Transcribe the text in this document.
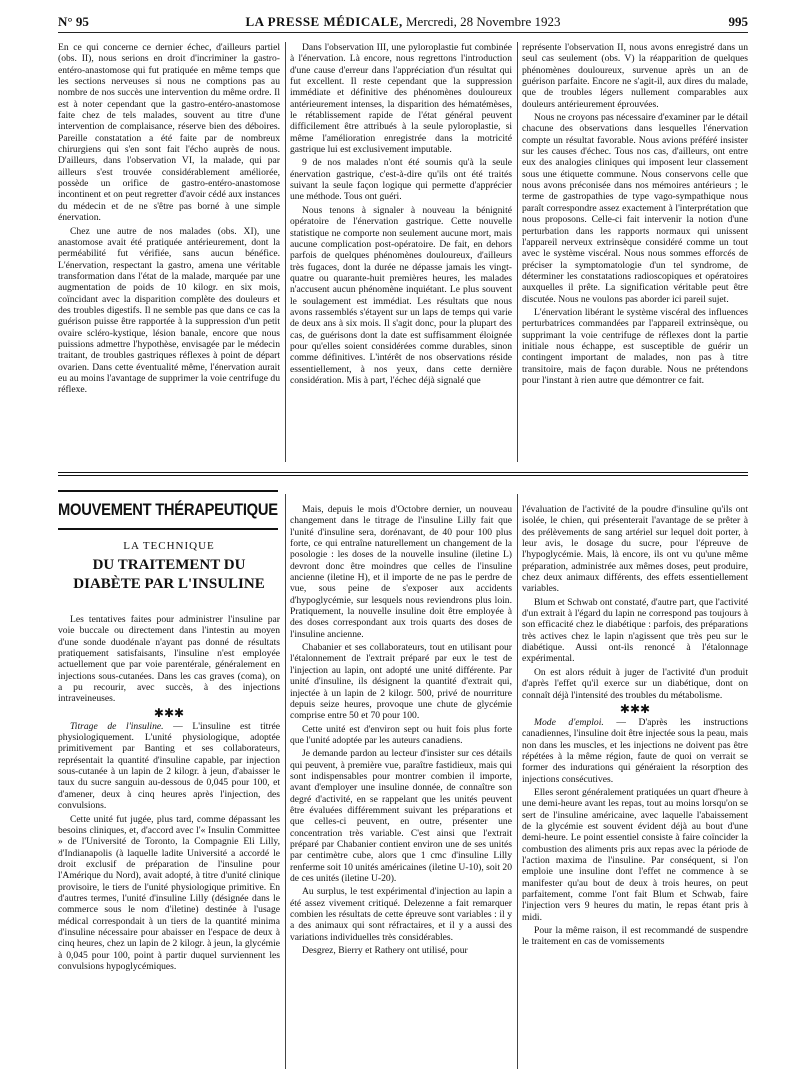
N° 95	LA PRESSE MÉDICALE, Mercredi, 28 Novembre 1923	995

En ce qui concerne ce dernier échec, d'ailleurs partiel (obs. II), nous serions en droit d'incriminer la gastro-entéro-anastomose qui fut pratiquée en même temps que les sections nerveuses si nous ne comptions pas au nombre de nos succès une intervention du même ordre. Il est à noter cependant que la gastro-entéro-anastomose faite chez de tels malades, souvent au titre d'une intervention de complaisance, réserve bien des déboires. Pareille constatation a été faite par de nombreux chirurgiens qui s'en sont fait l'écho auprès de nous. D'ailleurs, dans l'observation VI, la malade, qui par ailleurs s'est trouvée considérablement améliorée, possède un orifice de gastro-entéro-anastomose incontinent et on peut regretter d'avoir cédé aux instances du médecin et de ne s'être pas borné à une simple énervation.

Chez une autre de nos malades (obs. XI), une anastomose avait été pratiquée antérieurement, dont la perméabilité fut vérifiée, sans aucun bénéfice. L'énervation, respectant la gastro, amena une véritable transformation dans l'état de la malade, marquée par une augmentation de poids de 10 kilogr. en six mois, coïncidant avec la disparition complète des douleurs et des troubles digestifs. Il ne semble pas que dans ce cas la guérison puisse être rapportée à la suppression d'un petit ovaire scléro-kystique, lésion banale, encore que nous puissions admettre l'hypothèse, envisagée par le médecin traitant, de troubles gastriques réflexes à point de départ ovarien. Dans cette éventualité même, l'énervation aurait eu au moins l'avantage de supprimer la voie centrifuge du réflexe.

Dans l'observation III, une pyloroplastie fut combinée à l'énervation. Là encore, nous regrettons l'introduction d'une cause d'erreur dans l'appréciation d'un résultat qui fut excellent. Il reste cependant que la suppression immédiate et définitive des phénomènes douloureux antérieurement intenses, la disparition des hématémèses, le rétablissement rapide de l'état général peuvent difficilement être attribués à la seule pyloroplastie, si même l'amélioration enregistrée dans la motricité gastrique lui est exclusivement imputable.

9 de nos malades n'ont été soumis qu'à la seule énervation gastrique, c'est-à-dire qu'ils ont été traités suivant la seule façon logique qui permette d'apprécier une méthode. Tous ont guéri.

Nous tenons à signaler à nouveau la bénignité opératoire de l'énervation gastrique. Cette nouvelle statistique ne comporte non seulement aucune mort, mais aucune complication post-opératoire. De fait, en dehors parfois de quelques phénomènes douloureux, d'ailleurs très fugaces, dont la durée ne dépasse jamais les vingt-quatre ou quarante-huit premières heures, les malades n'accusent aucun phénomène inquiétant. Le plus souvent le soulagement est immédiat. Les résultats que nous avons rassemblés s'étayent sur un laps de temps qui varie de deux ans à six mois. Il s'agit donc, pour la plupart des cas, de guérisons dont la date est suffisamment éloignée pour qu'elles soient considérées comme durables, sinon comme définitives. L'intérêt de nos observations réside essentiellement, à nos yeux, dans cette dernière considération. Mis à part, l'échec déjà signalé que

représente l'observation II, nous avons enregistré dans un seul cas seulement (obs. V) la réapparition de quelques phénomènes douloureux, survenue après un an de guérison parfaite. Encore ne s'agit-il, aux dires du malade, que de troubles légers nullement comparables aux douleurs antérieurement éprouvées.

Nous ne croyons pas nécessaire d'examiner par le détail chacune des observations dans lesquelles l'énervation compte un résultat favorable. Nous avions préféré insister sur les causes d'échec. Tous nos cas, d'ailleurs, ont entre eux des analogies cliniques qui imposent leur classement sous une étiquette commune. Nous conservons celle que nous avons préconisée dans nos mémoires antérieurs ; le terme de gastropathies de type vago-sympathique nous paraît correspondre assez exactement à l'interprétation que nous proposons. Celle-ci fait intervenir la notion d'une perturbation dans les rapports normaux qui unissent l'appareil nerveux extrinsèque considéré comme un tout avec le système viscéral. Nous nous sommes efforcés de préciser la symptomatologie d'un tel syndrome, de déterminer les constatations radioscopiques et opératoires auxquelles il prête. La signification véritable peut être discutée. Nous ne voulons pas aborder ici pareil sujet.

L'énervation libérant le système viscéral des influences perturbatrices commandées par l'appareil extrinsèque, ou supprimant la voie centrifuge de réflexes dont la partie initiale nous échappe, est susceptible de guérir un contingent important de malades, non pas à titre transitoire, mais de façon durable. Nous ne prétendons pour l'instant à rien autre que démontrer ce fait.

MOUVEMENT THÉRAPEUTIQUE
LA TECHNIQUE
DU TRAITEMENT DU DIABÈTE PAR L'INSULINE

Les tentatives faites pour administrer l'insuline par voie buccale ou directement dans l'intestin au moyen d'une sonde duodénale n'ayant pas donné de résultats pratiquement satisfaisants, l'insuline n'est employée actuellement que par voie parentérale, généralement en injections sous-cutanées. Dans les cas graves (coma), on a pu recourir, avec succès, à des injections intraveineuses.

✱✱✱

Titrage de l'insuline. — L'insuline est titrée physiologiquement. L'unité physiologique, adoptée primitivement par Banting et ses collaborateurs, représentait la quantité d'insuline capable, par injection sous-cutanée à un lapin de 2 kilogr. à jeun, d'abaisser le taux du sucre sanguin au-dessous de 0,045 pour 100, et d'amener, deux à cinq heures après l'injection, des convulsions.

Cette unité fut jugée, plus tard, comme dépassant les besoins cliniques, et, d'accord avec l'« Insulin Committee » de l'Université de Toronto, la Compagnie Eli Lilly, d'Indianapolis (à laquelle ladite Université a accordé le droit exclusif de préparation de l'insuline pour l'Amérique du Nord), avait adopté, à titre d'unité clinique provisoire, le tiers de l'unité physiologique primitive. En d'autres termes, l'unité d'insuline Lilly (désignée dans le commerce sous le nom d'iletine) destinée à l'usage médical correspondait à un tiers de la quantité minima d'insuline nécessaire pour abaisser en l'espace de deux à cinq heures, chez un lapin de 2 kilogr. à jeun, la glycémie à 0,045 pour 100, point à partir duquel surviennent les convulsions hypoglycémiques.

Mais, depuis le mois d'Octobre dernier, un nouveau changement dans le titrage de l'insuline Lilly fait que l'unité d'insuline sera, dorénavant, de 40 pour 100 plus forte, ce qui entraîne naturellement un changement de la posologie : les doses de la nouvelle insuline (iletine L) devront donc être moindres que celles de l'insuline ancienne (iletine H), et il importe de ne pas le perdre de vue, sous peine de s'exposer aux accidents d'hypoglycémie, sur lesquels nous reviendrons plus loin. Pratiquement, la nouvelle insuline doit être employée à des doses correspondant aux trois quarts des doses de l'insuline ancienne.

Chabanier et ses collaborateurs, tout en utilisant pour l'étalonnement de l'extrait préparé par eux le test de l'injection au lapin, ont adopté une unité différente. Par unité d'insuline, ils désignent la quantité d'extrait qui, injectée à un lapin de 2 kilogr. 500, privé de nourriture depuis seize heures, provoque une chute de glycémie comprise entre 50 et 70 pour 100.

Cette unité est d'environ sept ou huit fois plus forte que l'unité adoptée par les auteurs canadiens.

Je demande pardon au lecteur d'insister sur ces détails qui peuvent, à première vue, paraître fastidieux, mais qui sont indispensables pour montrer combien il importe, avant d'employer une insuline donnée, de connaître son degré d'activité, en se rappelant que les unités peuvent être évaluées différemment suivant les préparations et que celles-ci peuvent, en outre, présenter une concentration très variable. C'est ainsi que l'extrait préparé par Chabanier contient environ une de ses unités par centimètre cube, alors que 1 cmc d'insuline Lilly renferme soit 10 unités américaines (iletine U-10), soit 20 de ces unités (iletine U-20).

Au surplus, le test expérimental d'injection au lapin a été assez vivement critiqué. Delezenne a fait remarquer combien les résultats de cette épreuve sont variables : il y a des animaux qui sont réfractaires, et il y a aussi des variations individuelles très considérables.

Desgrez, Bierry et Rathery ont utilisé, pour

l'évaluation de l'activité de la poudre d'insuline qu'ils ont isolée, le chien, qui présenterait l'avantage de se prêter à des prélèvements de sang artériel sur lequel doit porter, à leur avis, le dosage du sucre, pour l'épreuve de l'hypoglycémie. Mais, là encore, ils ont vu qu'une même préparation, administrée aux mêmes doses, peut produire, chez deux animaux différents, des effets essentiellement variables.

Blum et Schwab ont constaté, d'autre part, que l'activité d'un extrait à l'égard du lapin ne correspond pas toujours à son efficacité chez le diabétique : parfois, des préparations très actives chez le lapin n'agissent que très peu sur le diabétique. Aussi ont-ils renoncé à l'étalonnage expérimental.

On est alors réduit à juger de l'activité d'un produit d'après l'effet qu'il exerce sur un diabétique, dont on connaît déjà l'intensité des troubles du métabolisme.

✱✱✱

Mode d'emploi. — D'après les instructions canadiennes, l'insuline doit être injectée sous la peau, mais non dans les muscles, et les injections ne doivent pas être répétées à la même région, faute de quoi on verrait se former des indurations qui généraient la résorption des injections consécutives.

Elles seront généralement pratiquées un quart d'heure à une demi-heure avant les repas, tout au moins lorsqu'on se sert de l'insuline américaine, avec laquelle l'abaissement de la glycémie est souvent évident déjà au bout d'une demi-heure. Le point essentiel consiste à faire coïncider la combustion des aliments pris aux repas avec la période de l'action maxima de l'insuline. Par conséquent, si l'on emploie une insuline dont l'effet ne commence à se manifester qu'au bout de deux à trois heures, on peut parfaitement, comme l'ont fait Blum et Schwab, faire l'injection vers 9 heures du matin, le repas étant pris à midi.

Pour la même raison, il est recommandé de suspendre le traitement en cas de vomissements
